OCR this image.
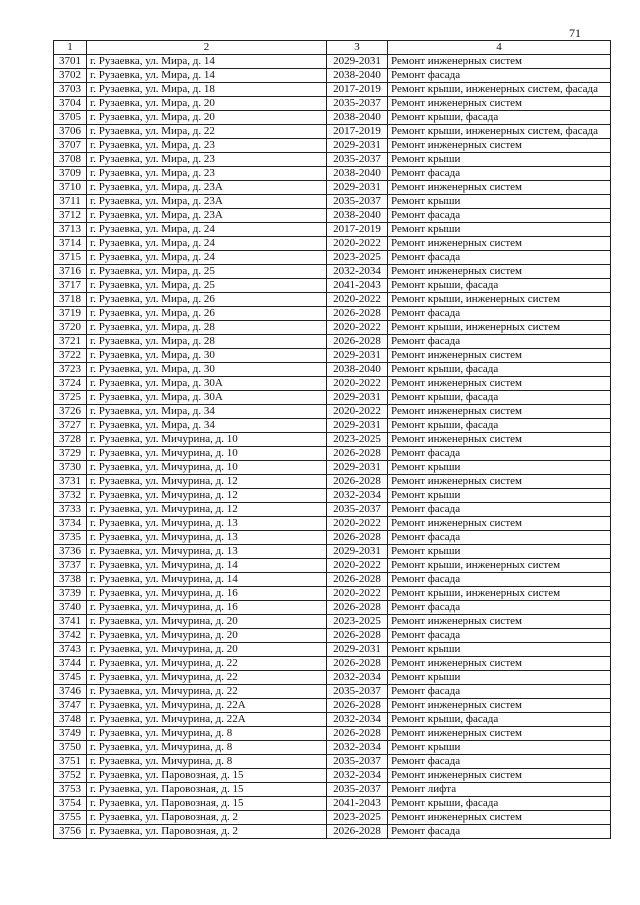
71
1	2	3	4
3701	г. Рузаевка, ул. Мира, д. 14	2029-2031	Ремонт инженерных систем
3702	г. Рузаевка, ул. Мира, д. 14	2038-2040	Ремонт фасада
3703	г. Рузаевка, ул. Мира, д. 18	2017-2019	Ремонт крыши, инженерных систем, фасада
3704	г. Рузаевка, ул. Мира, д. 20	2035-2037	Ремонт инженерных систем
3705	г. Рузаевка, ул. Мира, д. 20	2038-2040	Ремонт крыши, фасада
3706	г. Рузаевка, ул. Мира, д. 22	2017-2019	Ремонт крыши, инженерных систем, фасада
3707	г. Рузаевка, ул. Мира, д. 23	2029-2031	Ремонт инженерных систем
3708	г. Рузаевка, ул. Мира, д. 23	2035-2037	Ремонт крыши
3709	г. Рузаевка, ул. Мира, д. 23	2038-2040	Ремонт фасада
3710	г. Рузаевка, ул. Мира, д. 23А	2029-2031	Ремонт инженерных систем
3711	г. Рузаевка, ул. Мира, д. 23А	2035-2037	Ремонт крыши
3712	г. Рузаевка, ул. Мира, д. 23А	2038-2040	Ремонт фасада
3713	г. Рузаевка, ул. Мира, д. 24	2017-2019	Ремонт крыши
3714	г. Рузаевка, ул. Мира, д. 24	2020-2022	Ремонт инженерных систем
3715	г. Рузаевка, ул. Мира, д. 24	2023-2025	Ремонт фасада
3716	г. Рузаевка, ул. Мира, д. 25	2032-2034	Ремонт инженерных систем
3717	г. Рузаевка, ул. Мира, д. 25	2041-2043	Ремонт крыши, фасада
3718	г. Рузаевка, ул. Мира, д. 26	2020-2022	Ремонт крыши, инженерных систем
3719	г. Рузаевка, ул. Мира, д. 26	2026-2028	Ремонт фасада
3720	г. Рузаевка, ул. Мира, д. 28	2020-2022	Ремонт крыши, инженерных систем
3721	г. Рузаевка, ул. Мира, д. 28	2026-2028	Ремонт фасада
3722	г. Рузаевка, ул. Мира, д. 30	2029-2031	Ремонт инженерных систем
3723	г. Рузаевка, ул. Мира, д. 30	2038-2040	Ремонт крыши, фасада
3724	г. Рузаевка, ул. Мира, д. 30А	2020-2022	Ремонт инженерных систем
3725	г. Рузаевка, ул. Мира, д. 30А	2029-2031	Ремонт крыши, фасада
3726	г. Рузаевка, ул. Мира, д. 34	2020-2022	Ремонт инженерных систем
3727	г. Рузаевка, ул. Мира, д. 34	2029-2031	Ремонт крыши, фасада
3728	г. Рузаевка, ул. Мичурина, д. 10	2023-2025	Ремонт инженерных систем
3729	г. Рузаевка, ул. Мичурина, д. 10	2026-2028	Ремонт фасада
3730	г. Рузаевка, ул. Мичурина, д. 10	2029-2031	Ремонт крыши
3731	г. Рузаевка, ул. Мичурина, д. 12	2026-2028	Ремонт инженерных систем
3732	г. Рузаевка, ул. Мичурина, д. 12	2032-2034	Ремонт крыши
3733	г. Рузаевка, ул. Мичурина, д. 12	2035-2037	Ремонт фасада
3734	г. Рузаевка, ул. Мичурина, д. 13	2020-2022	Ремонт инженерных систем
3735	г. Рузаевка, ул. Мичурина, д. 13	2026-2028	Ремонт фасада
3736	г. Рузаевка, ул. Мичурина, д. 13	2029-2031	Ремонт крыши
3737	г. Рузаевка, ул. Мичурина, д. 14	2020-2022	Ремонт крыши, инженерных систем
3738	г. Рузаевка, ул. Мичурина, д. 14	2026-2028	Ремонт фасада
3739	г. Рузаевка, ул. Мичурина, д. 16	2020-2022	Ремонт крыши, инженерных систем
3740	г. Рузаевка, ул. Мичурина, д. 16	2026-2028	Ремонт фасада
3741	г. Рузаевка, ул. Мичурина, д. 20	2023-2025	Ремонт инженерных систем
3742	г. Рузаевка, ул. Мичурина, д. 20	2026-2028	Ремонт фасада
3743	г. Рузаевка, ул. Мичурина, д. 20	2029-2031	Ремонт крыши
3744	г. Рузаевка, ул. Мичурина, д. 22	2026-2028	Ремонт инженерных систем
3745	г. Рузаевка, ул. Мичурина, д. 22	2032-2034	Ремонт крыши
3746	г. Рузаевка, ул. Мичурина, д. 22	2035-2037	Ремонт фасада
3747	г. Рузаевка, ул. Мичурина, д. 22А	2026-2028	Ремонт инженерных систем
3748	г. Рузаевка, ул. Мичурина, д. 22А	2032-2034	Ремонт крыши, фасада
3749	г. Рузаевка, ул. Мичурина, д. 8	2026-2028	Ремонт инженерных систем
3750	г. Рузаевка, ул. Мичурина, д. 8	2032-2034	Ремонт крыши
3751	г. Рузаевка, ул. Мичурина, д. 8	2035-2037	Ремонт фасада
3752	г. Рузаевка, ул. Паровозная, д. 15	2032-2034	Ремонт инженерных систем
3753	г. Рузаевка, ул. Паровозная, д. 15	2035-2037	Ремонт лифта
3754	г. Рузаевка, ул. Паровозная, д. 15	2041-2043	Ремонт крыши, фасада
3755	г. Рузаевка, ул. Паровозная, д. 2	2023-2025	Ремонт инженерных систем
3756	г. Рузаевка, ул. Паровозная, д. 2	2026-2028	Ремонт фасада
